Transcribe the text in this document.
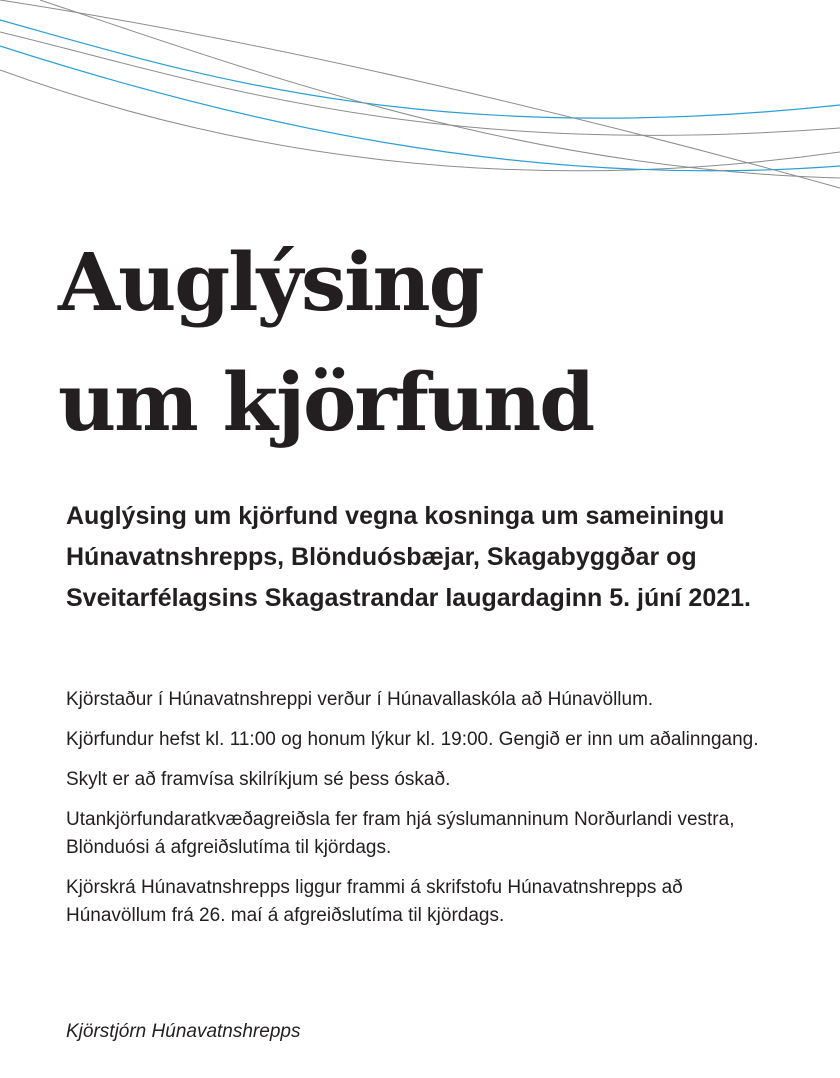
Auglýsing
um kjörfund
Auglýsing um kjörfund vegna kosninga um sameiningu Húnavatnshrepps, Blönduósbæjar, Skagabyggðar og Sveitarfélagsins Skagastrandar laugardaginn 5. júní 2021.

Kjörstaður í Húnavatnshreppi verður í Húnavallaskóla að Húnavöllum.

Kjörfundur hefst kl. 11:00 og honum lýkur kl. 19:00. Gengið er inn um aðalinngang.

Skylt er að framvísa skilríkjum sé þess óskað.

Utankjörfundaratkvæðagreiðsla fer fram hjá sýslumanninum Norðurlandi vestra, Blönduósi á afgreiðslutíma til kjördags.

Kjörskrá Húnavatnshrepps liggur frammi á skrifstofu Húnavatnshrepps að Húnavöllum frá 26. maí á afgreiðslutíma til kjördags.

Kjörstjórn Húnavatnshrepps
